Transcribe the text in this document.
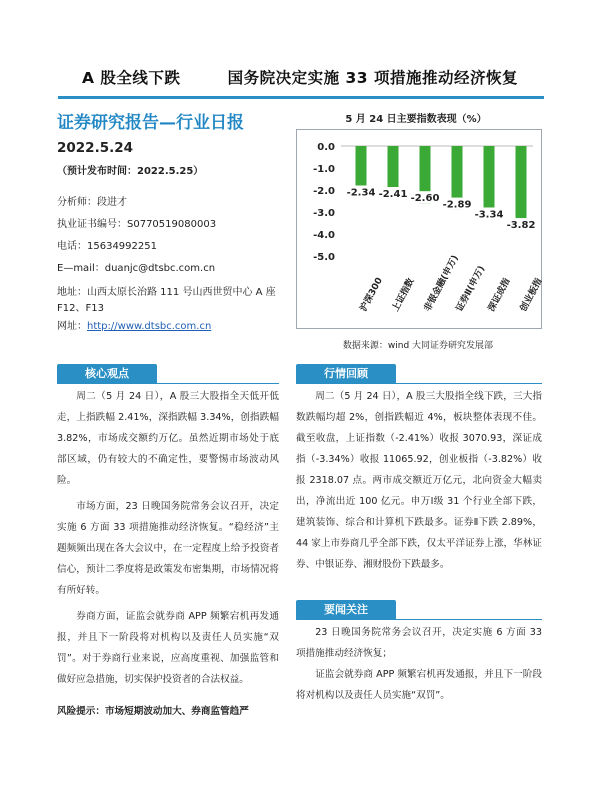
A 股全线下跌        国务院决定实施 33 项措施推动经济恢复
证券研究报告—行业日报
2022.5.24
（预计发布时间：2022.5.25）
分析师：段进才
执业证书编号：S0770519080003
电话：15634992251
E—mail：duanjc@dtsbc.com.cn
地址：山西太原长治路 111 号山西世贸中心 A 座
F12、F13
网址：http://www.dtsbc.com.cn
5 月 24 日主要指数表现（%）
0.0
-1.0
-2.0
-3.0
-4.0
-5.0
-2.34
沪深300
-2.41
上证指数
-2.60
非银金融(申万)
-2.89
证券Ⅱ(申万)
-3.34
深证成指
-3.82
创业板指
数据来源：wind 大同证券研究发展部
核心观点
周二（5 月 24 日），A 股三大股指全天低开低走，上指跌幅 2.41%，深指跌幅 3.34%，创指跌幅 3.82%，市场成交额约万亿。虽然近期市场处于底部区域，仍有较大的不确定性，要警惕市场波动风险。
市场方面，23 日晚国务院常务会议召开，决定实施 6 方面 33 项措施推动经济恢复。“稳经济”主题频频出现在各大会议中，在一定程度上给予投资者信心，预计二季度将是政策发布密集期，市场情况将有所好转。
券商方面，证监会就券商 APP 频繁宕机再发通报，并且下一阶段将对机构以及责任人员实施“双罚”。对于券商行业来说，应高度重视、加强监管和做好应急措施，切实保护投资者的合法权益。
风险提示：市场短期波动加大、券商监管趋严
行情回顾
周二（5 月 24 日），A 股三大股指全线下跌，三大指数跌幅均超 2%，创指跌幅近 4%，板块整体表现不佳。截至收盘，上证指数（-2.41%）收报 3070.93，深证成指（-3.34%）收报 11065.92，创业板指（-3.82%）收报 2318.07 点。两市成交额近万亿元，北向资金大幅卖出，净流出近 100 亿元。申万Ⅰ级 31 个行业全部下跌，建筑装饰、综合和计算机下跌最多。证券Ⅱ下跌 2.89%，44 家上市券商几乎全部下跌，仅太平洋证券上涨，华林证券、中银证券、湘财股份下跌最多。
要闻关注
23 日晚国务院常务会议召开，决定实施 6 方面 33 项措施推动经济恢复；
证监会就券商 APP 频繁宕机再发通报，并且下一阶段将对机构以及责任人员实施“双罚”。
